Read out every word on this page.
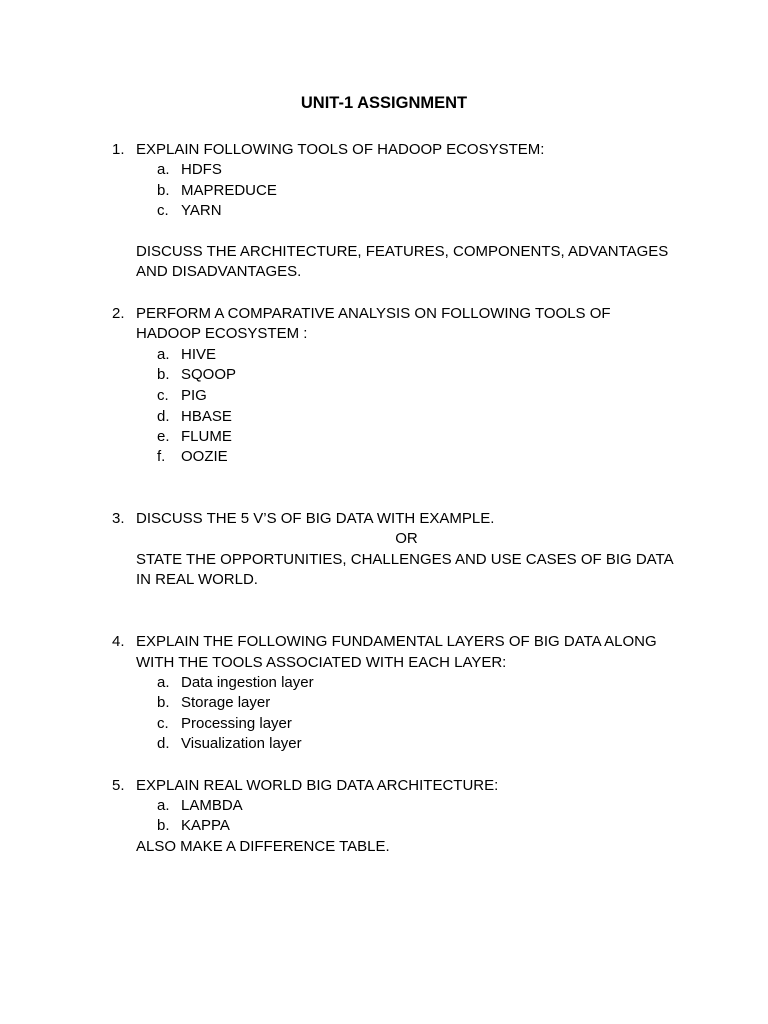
UNIT-1 ASSIGNMENT
1. EXPLAIN FOLLOWING TOOLS OF HADOOP ECOSYSTEM:
a. HDFS
b. MAPREDUCE
c. YARN
DISCUSS THE ARCHITECTURE, FEATURES, COMPONENTS, ADVANTAGES
AND DISADVANTAGES.
2. PERFORM A COMPARATIVE ANALYSIS ON FOLLOWING TOOLS OF
HADOOP ECOSYSTEM :
a. HIVE
b. SQOOP
c. PIG
d. HBASE
e. FLUME
f. OOZIE
3. DISCUSS THE 5 V’S OF BIG DATA WITH EXAMPLE.
OR
STATE THE OPPORTUNITIES, CHALLENGES AND USE CASES OF BIG DATA
IN REAL WORLD.
4. EXPLAIN THE FOLLOWING FUNDAMENTAL LAYERS OF BIG DATA ALONG
WITH THE TOOLS ASSOCIATED WITH EACH LAYER:
a. Data ingestion layer
b. Storage layer
c. Processing layer
d. Visualization layer
5. EXPLAIN REAL WORLD BIG DATA ARCHITECTURE:
a. LAMBDA
b. KAPPA
ALSO MAKE A DIFFERENCE TABLE.
